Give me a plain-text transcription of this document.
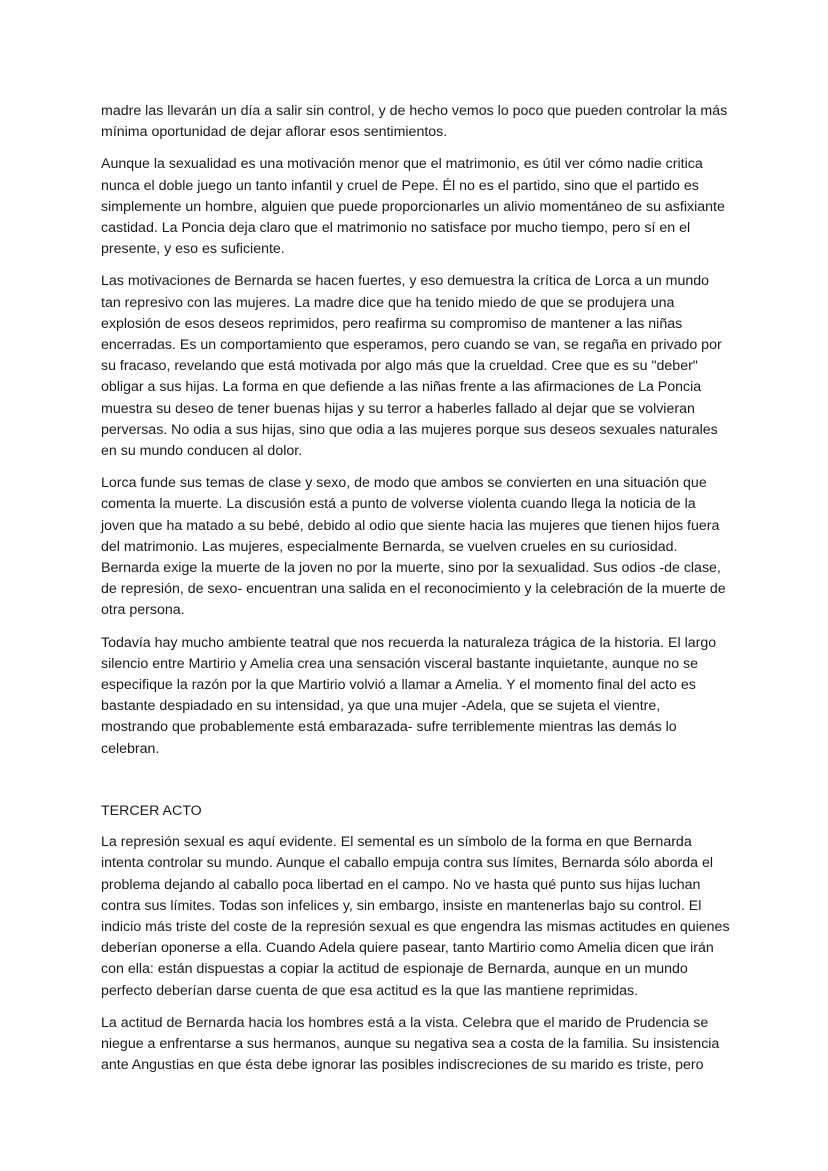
madre las llevarán un día a salir sin control, y de hecho vemos lo poco que pueden controlar la más mínima oportunidad de dejar aflorar esos sentimientos.

Aunque la sexualidad es una motivación menor que el matrimonio, es útil ver cómo nadie critica nunca el doble juego un tanto infantil y cruel de Pepe. Él no es el partido, sino que el partido es simplemente un hombre, alguien que puede proporcionarles un alivio momentáneo de su asfixiante castidad. La Poncia deja claro que el matrimonio no satisface por mucho tiempo, pero sí en el presente, y eso es suficiente.

Las motivaciones de Bernarda se hacen fuertes, y eso demuestra la crítica de Lorca a un mundo tan represivo con las mujeres. La madre dice que ha tenido miedo de que se produjera una explosión de esos deseos reprimidos, pero reafirma su compromiso de mantener a las niñas encerradas. Es un comportamiento que esperamos, pero cuando se van, se regaña en privado por su fracaso, revelando que está motivada por algo más que la crueldad. Cree que es su "deber" obligar a sus hijas. La forma en que defiende a las niñas frente a las afirmaciones de La Poncia muestra su deseo de tener buenas hijas y su terror a haberles fallado al dejar que se volvieran perversas. No odia a sus hijas, sino que odia a las mujeres porque sus deseos sexuales naturales en su mundo conducen al dolor.

Lorca funde sus temas de clase y sexo, de modo que ambos se convierten en una situación que comenta la muerte. La discusión está a punto de volverse violenta cuando llega la noticia de la joven que ha matado a su bebé, debido al odio que siente hacia las mujeres que tienen hijos fuera del matrimonio. Las mujeres, especialmente Bernarda, se vuelven crueles en su curiosidad. Bernarda exige la muerte de la joven no por la muerte, sino por la sexualidad. Sus odios -de clase, de represión, de sexo- encuentran una salida en el reconocimiento y la celebración de la muerte de otra persona.

Todavía hay mucho ambiente teatral que nos recuerda la naturaleza trágica de la historia. El largo silencio entre Martirio y Amelia crea una sensación visceral bastante inquietante, aunque no se especifique la razón por la que Martirio volvió a llamar a Amelia. Y el momento final del acto es bastante despiadado en su intensidad, ya que una mujer -Adela, que se sujeta el vientre, mostrando que probablemente está embarazada- sufre terriblemente mientras las demás lo celebran.

TERCER ACTO

La represión sexual es aquí evidente. El semental es un símbolo de la forma en que Bernarda intenta controlar su mundo. Aunque el caballo empuja contra sus límites, Bernarda sólo aborda el problema dejando al caballo poca libertad en el campo. No ve hasta qué punto sus hijas luchan contra sus límites. Todas son infelices y, sin embargo, insiste en mantenerlas bajo su control. El indicio más triste del coste de la represión sexual es que engendra las mismas actitudes en quienes deberían oponerse a ella. Cuando Adela quiere pasear, tanto Martirio como Amelia dicen que irán con ella: están dispuestas a copiar la actitud de espionaje de Bernarda, aunque en un mundo perfecto deberían darse cuenta de que esa actitud es la que las mantiene reprimidas.

La actitud de Bernarda hacia los hombres está a la vista. Celebra que el marido de Prudencia se niegue a enfrentarse a sus hermanos, aunque su negativa sea a costa de la familia. Su insistencia ante Angustias en que ésta debe ignorar las posibles indiscreciones de su marido es triste, pero
